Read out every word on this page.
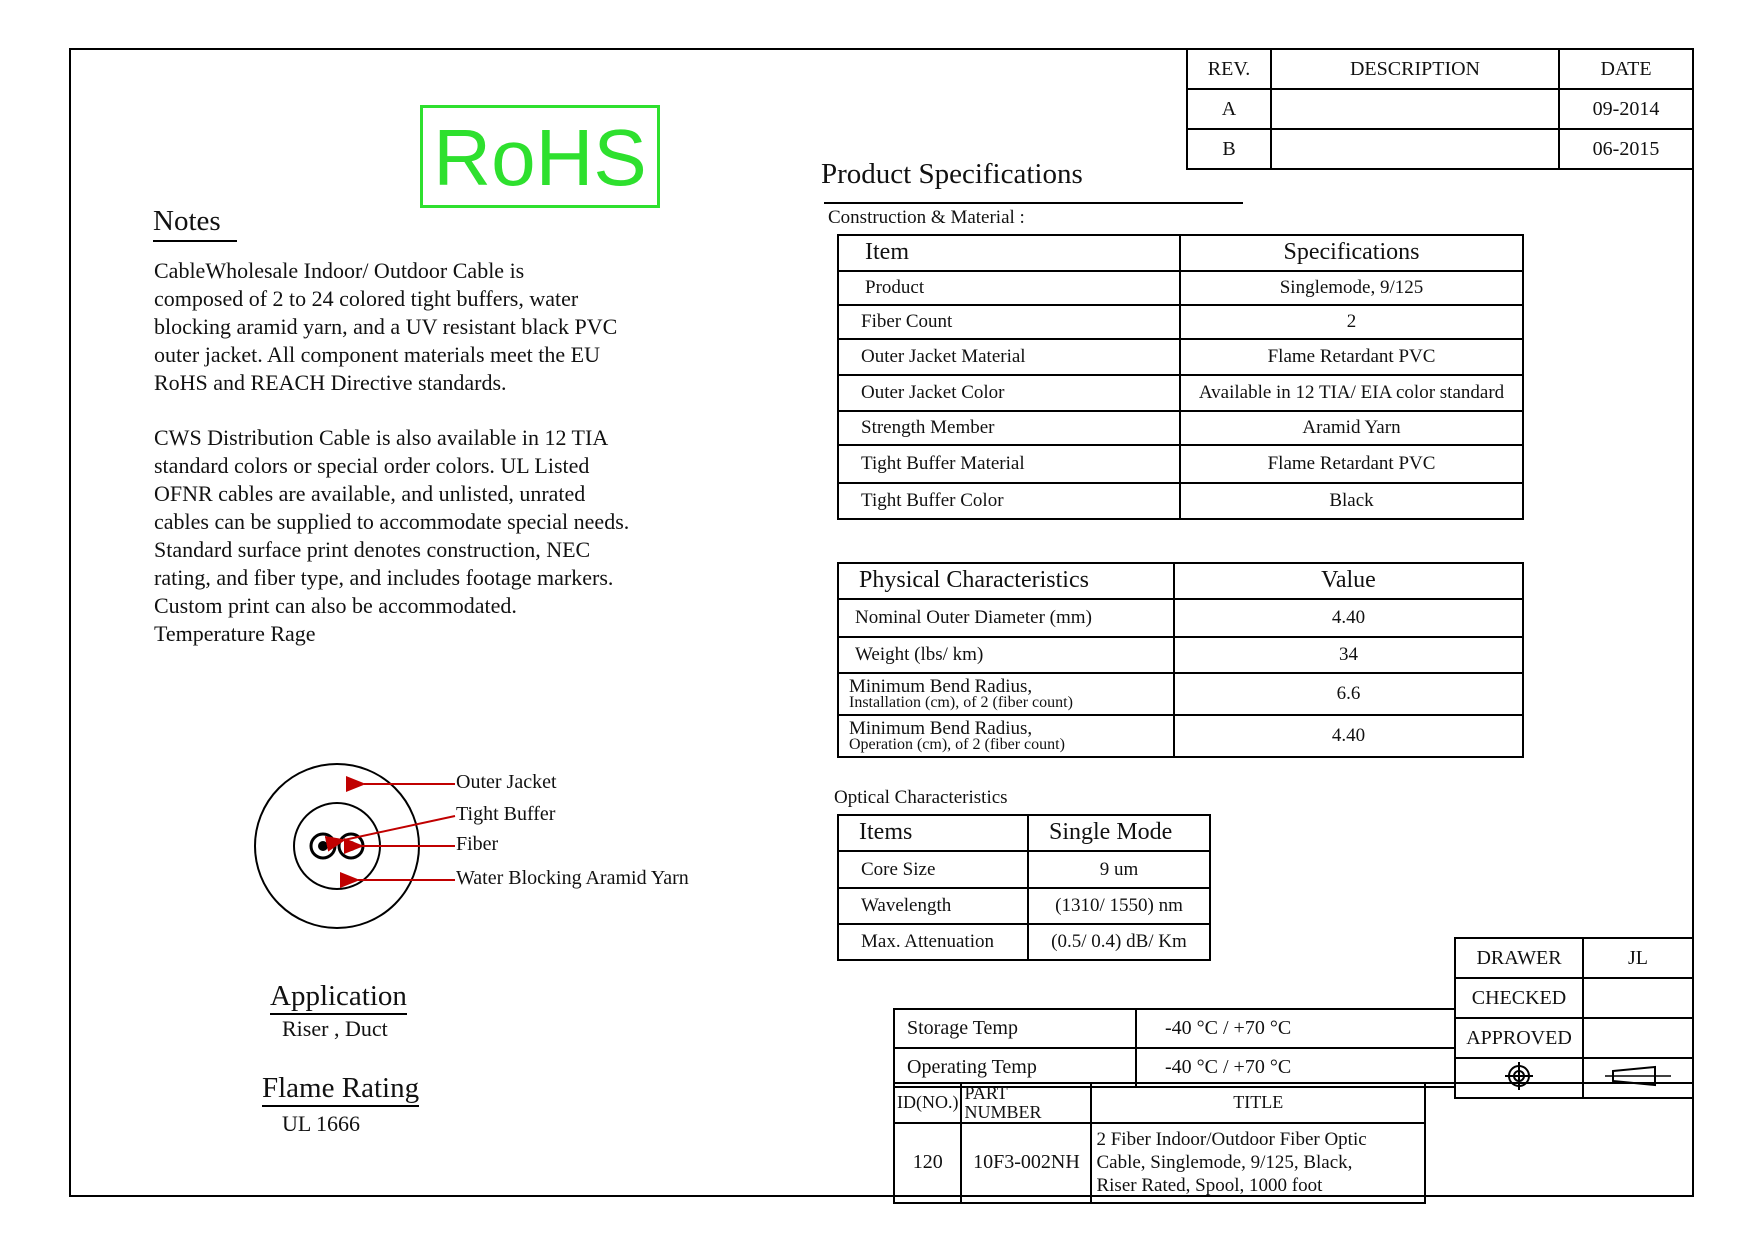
REV.	DESCRIPTION	DATE
A		09-2014
B		06-2015
RoHS
Notes
CableWholesale Indoor/ Outdoor Cable is
composed of 2 to 24 colored tight buffers, water
blocking aramid yarn, and a UV resistant black PVC
outer jacket. All component materials meet the EU
RoHS and REACH Directive standards.
CWS Distribution Cable is also available in 12 TIA
standard colors or special order colors. UL Listed
OFNR cables are available, and unlisted, unrated
cables can be supplied to accommodate special needs.
Standard surface print denotes construction, NEC
rating, and fiber type, and includes footage markers.
Custom print can also be accommodated.
Temperature Rage
Outer Jacket
Tight Buffer
Fiber
Water Blocking Aramid Yarn
Application
Riser , Duct
Flame Rating
UL 1666
Product Specifications
Construction & Material :
Item	Specifications
Product	Singlemode, 9/125
Fiber Count	2
Outer Jacket Material	Flame Retardant PVC
Outer Jacket Color	Available in 12 TIA/ EIA color standard
Strength Member	Aramid Yarn
Tight Buffer Material	Flame Retardant PVC
Tight Buffer Color	Black
Physical Characteristics	Value
Nominal Outer Diameter (mm)	4.40
Weight (lbs/ km)	34

Minimum Bend Radius,
Installation (cm), of 2 (fiber count)	6.6

Minimum Bend Radius,
Operation (cm), of 2 (fiber count)	4.40
Optical Characteristics
Items	Single Mode
Core Size	9 um
Wavelength	(1310/ 1550) nm
Max. Attenuation	(0.5/ 0.4) dB/ Km
DRAWER	JL
CHECKED	
APPROVED	

Storage Temp	-40 °C / +70 °C
Operating Temp	-40 °C / +70 °C
ID(NO.)	PART NUMBER	TITLE
120	10F3-002NH	2 Fiber Indoor/Outdoor Fiber Optic
Cable, Singlemode, 9/125, Black,
Riser Rated, Spool, 1000 foot
